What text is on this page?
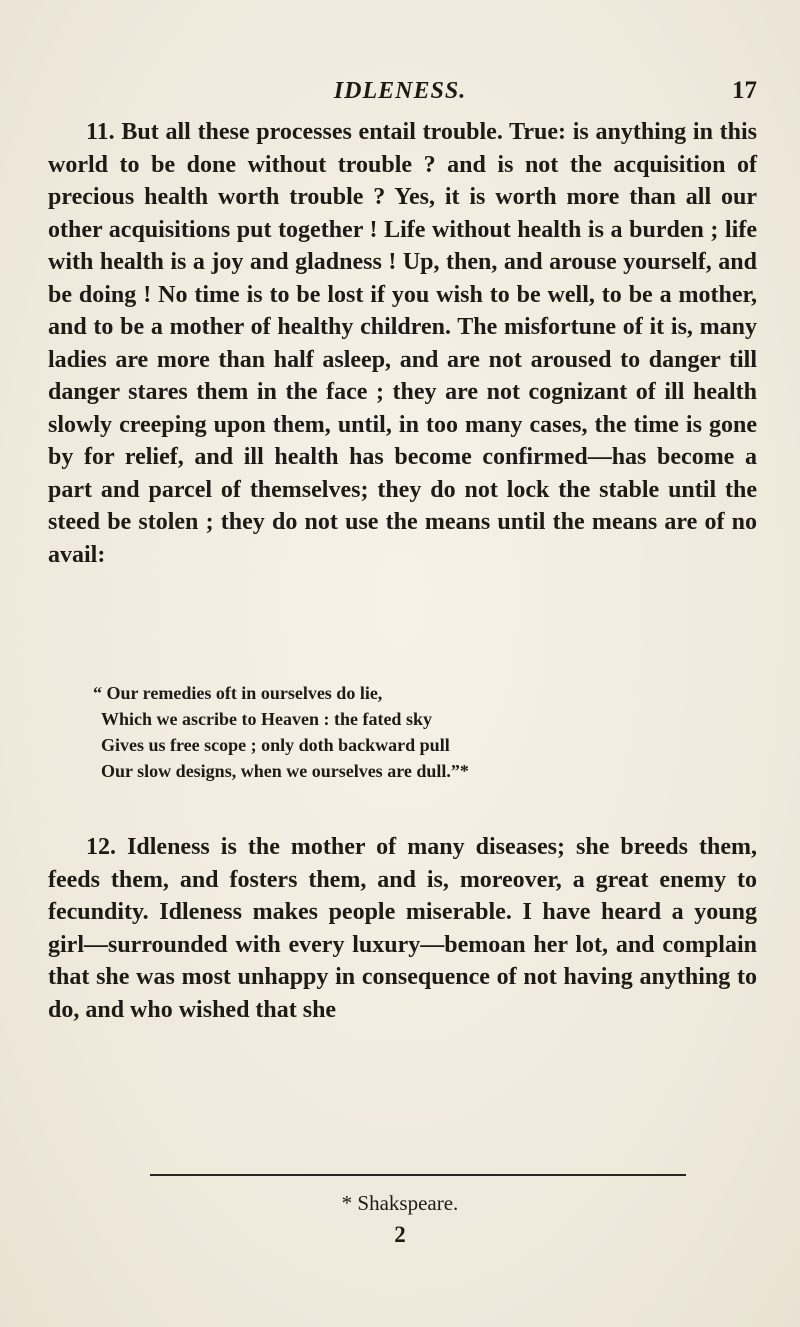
IDLENESS.	17

11. But all these processes entail trouble. True: is anything in this world to be done without trouble ? and is not the acquisition of precious health worth trouble ? Yes, it is worth more than all our other acquisitions put together ! Life without health is a burden ; life with health is a joy and gladness ! Up, then, and arouse yourself, and be doing ! No time is to be lost if you wish to be well, to be a mother, and to be a mother of healthy children. The misfortune of it is, many ladies are more than half asleep, and are not aroused to danger till danger stares them in the face ; they are not cognizant of ill health slowly creeping upon them, until, in too many cases, the time is gone by for relief, and ill health has become confirmed—has become a part and parcel of themselves; they do not lock the stable until the steed be stolen ; they do not use the means until the means are of no avail:

“ Our remedies oft in ourselves do lie,
Which we ascribe to Heaven : the fated sky
Gives us free scope ; only doth backward pull
Our slow designs, when we ourselves are dull.”*

12. Idleness is the mother of many diseases; she breeds them, feeds them, and fosters them, and is, moreover, a great enemy to fecundity. Idleness makes people miserable. I have heard a young girl—surrounded with every luxury—bemoan her lot, and complain that she was most unhappy in consequence of not having anything to do, and who wished that she

* Shakspeare.
2
